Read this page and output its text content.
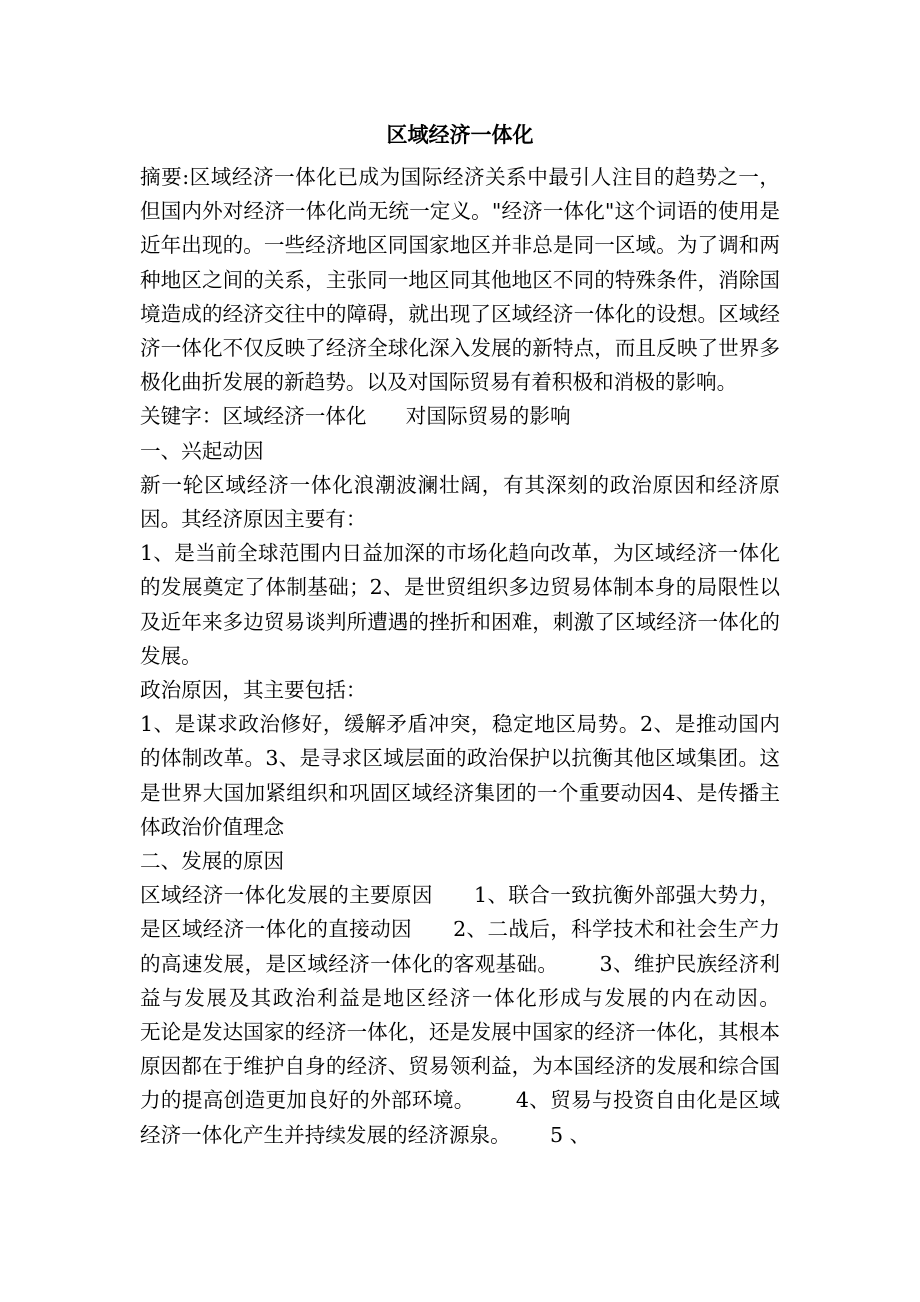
区域经济一体化

摘要:区域经济一体化已成为国际经济关系中最引人注目的趋势之一，但国内外对经济一体化尚无统一定义。"经济一体化"这个词语的使用是近年出现的。一些经济地区同国家地区并非总是同一区域。为了调和两种地区之间的关系，主张同一地区同其他地区不同的特殊条件，消除国境造成的经济交往中的障碍，就出现了区域经济一体化的设想。区域经济一体化不仅反映了经济全球化深入发展的新特点，而且反映了世界多极化曲折发展的新趋势。以及对国际贸易有着积极和消极的影响。

关键字：区域经济一体化      对国际贸易的影响

一、兴起动因

新一轮区域经济一体化浪潮波澜壮阔，有其深刻的政治原因和经济原因。其经济原因主要有：

1、是当前全球范围内日益加深的市场化趋向改革，为区域经济一体化的发展奠定了体制基础；2、是世贸组织多边贸易体制本身的局限性以及近年来多边贸易谈判所遭遇的挫折和困难，刺激了区域经济一体化的发展。

政治原因，其主要包括：

1、是谋求政治修好，缓解矛盾冲突，稳定地区局势。2、是推动国内的体制改革。3、是寻求区域层面的政治保护以抗衡其他区域集团。这是世界大国加紧组织和巩固区域经济集团的一个重要动因4、是传播主体政治价值理念

二、发展的原因

区域经济一体化发展的主要原因      1、联合一致抗衡外部强大势力，是区域经济一体化的直接动因      2、二战后，科学技术和社会生产力的高速发展，是区域经济一体化的客观基础。      3、维护民族经济利益与发展及其政治利益是地区经济一体化形成与发展的内在动因。        无论是发达国家的经济一体化，还是发展中国家的经济一体化，其根本原因都在于维护自身的经济、贸易领利益，为本国经济的发展和综合国力的提高创造更加良好的外部环境。      4、贸易与投资自由化是区域经济一体化产生并持续发展的经济源泉。      5 、
